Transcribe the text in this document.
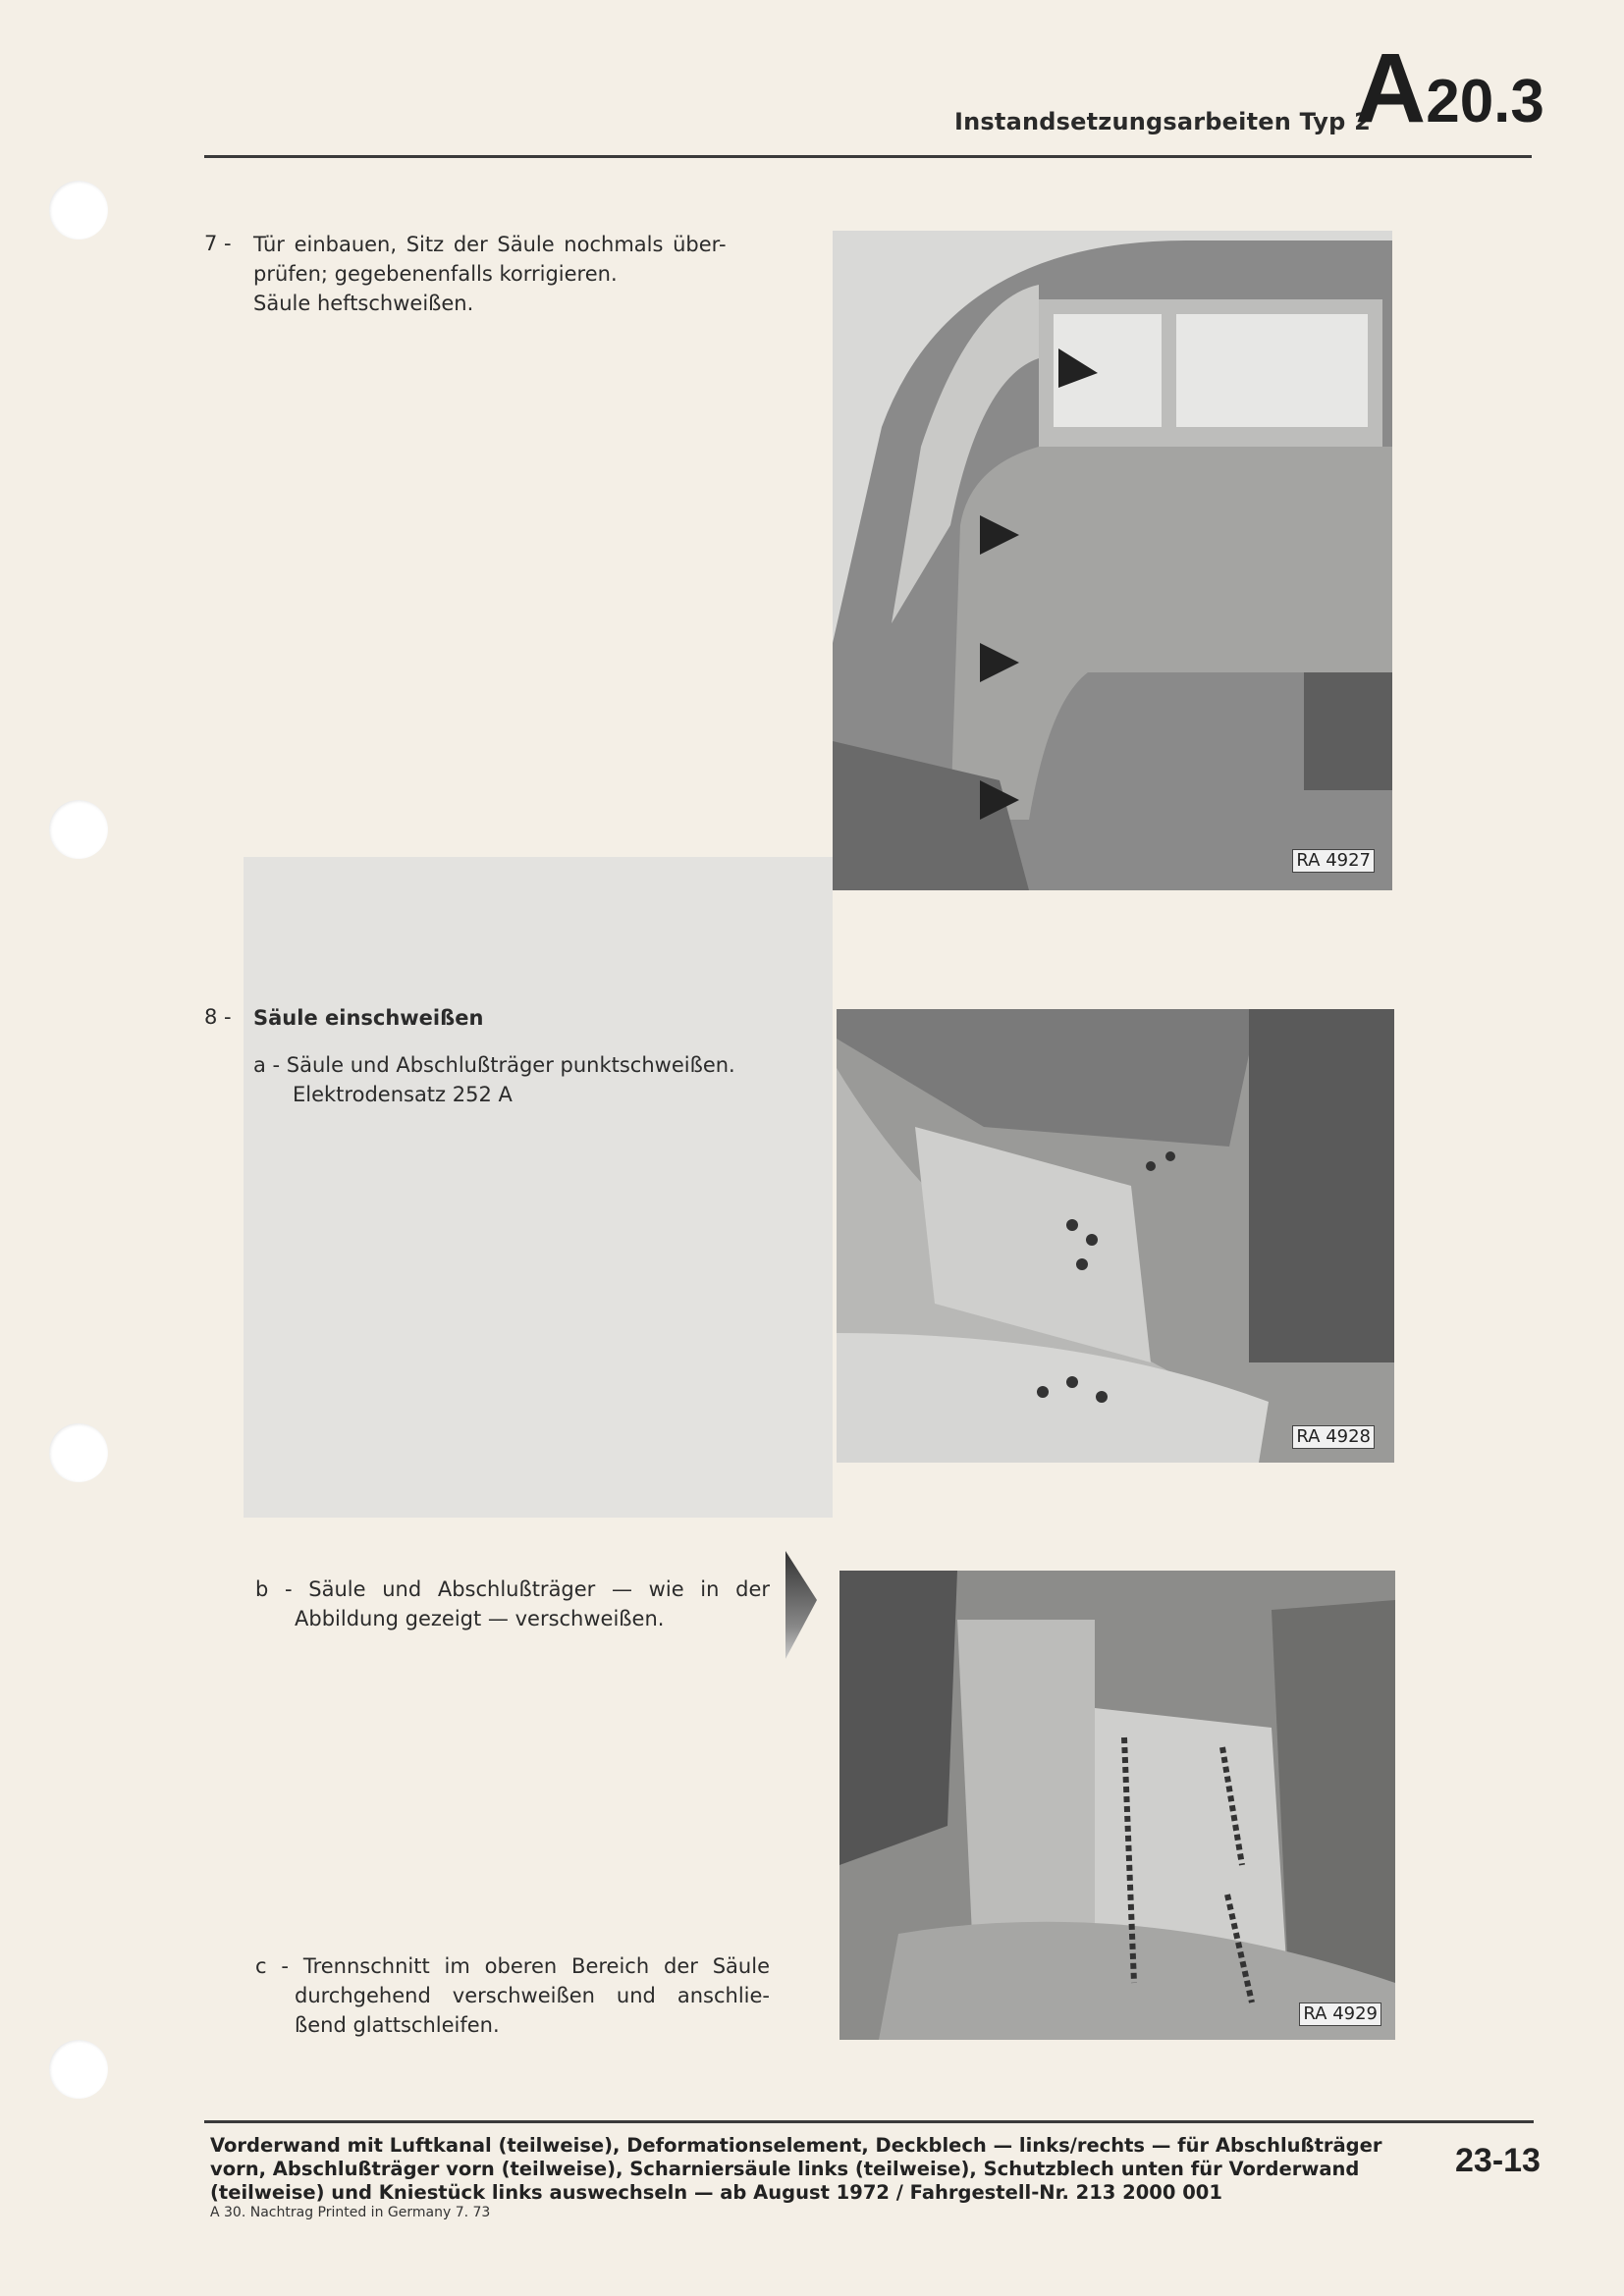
Instandsetzungsarbeiten Typ 2
A20.3
7 - Tür einbauen, Sitz der Säule nochmals über-
prüfen; gegebenenfalls korrigieren.
Säule heftschweißen.
8 - Säule einschweißen
a - Säule und Abschlußträger punktschweißen.
Elektrodensatz 252 A
b - Säule und Abschlußträger — wie in der
Abbildung gezeigt — verschweißen.
c - Trennschnitt im oberen Bereich der Säule
durchgehend verschweißen und anschlie-
ßend glattschleifen.
RA 4927
RA 4928
RA 4929
Vorderwand mit Luftkanal (teilweise), Deformationselement, Deckblech — links/rechts — für Abschlußträger
vorn, Abschlußträger vorn (teilweise), Scharniersäule links (teilweise), Schutzblech unten für Vorderwand
(teilweise) und Kniestück links auswechseln — ab August 1972 / Fahrgestell-Nr. 213 2000 001
A 30. Nachtrag Printed in Germany 7. 73
23-13
